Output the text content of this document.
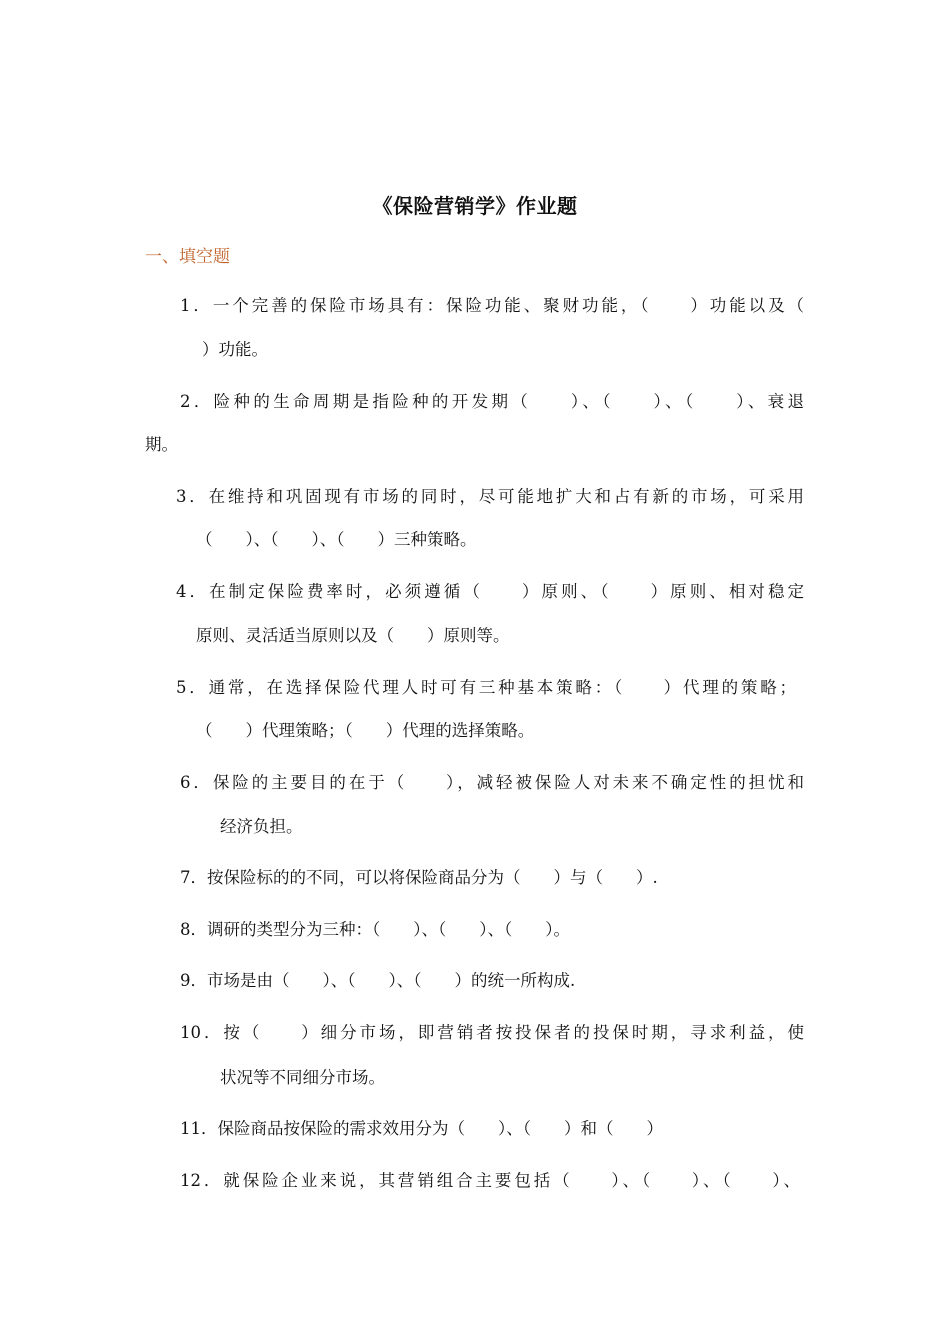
《保险营销学》作业题
一、填空题
1．一个完善的保险市场具有：保险功能、聚财功能，（　　）功能以及（
）功能。
2．险种的生命周期是指险种的开发期（　　）、（　　）、（　　）、衰退
期。
3．在维持和巩固现有市场的同时，尽可能地扩大和占有新的市场，可采用
（　　）、（　　）、（　　）三种策略。
4．在制定保险费率时，必须遵循（　　）原则、（　　）原则、相对稳定
原则、灵活适当原则以及（　　）原则等。
5．通常，在选择保险代理人时可有三种基本策略：（　　）代理的策略；
（　　）代理策略；（　　）代理的选择策略。
6．保险的主要目的在于（　　），减轻被保险人对未来不确定性的担忧和
经济负担。
7．按保险标的的不同，可以将保险商品分为（　　）与（　　）.
8．调研的类型分为三种：（　　）、（　　）、（　　）。
9．市场是由（　　）、（　　）、（　　）的统一所构成.
10．按（　　）细分市场，即营销者按投保者的投保时期，寻求利益，使
状况等不同细分市场。
11．保险商品按保险的需求效用分为（　　）、（　　）和（　　）
12．就保险企业来说，其营销组合主要包括（　　）、（　　）、（　　）、
